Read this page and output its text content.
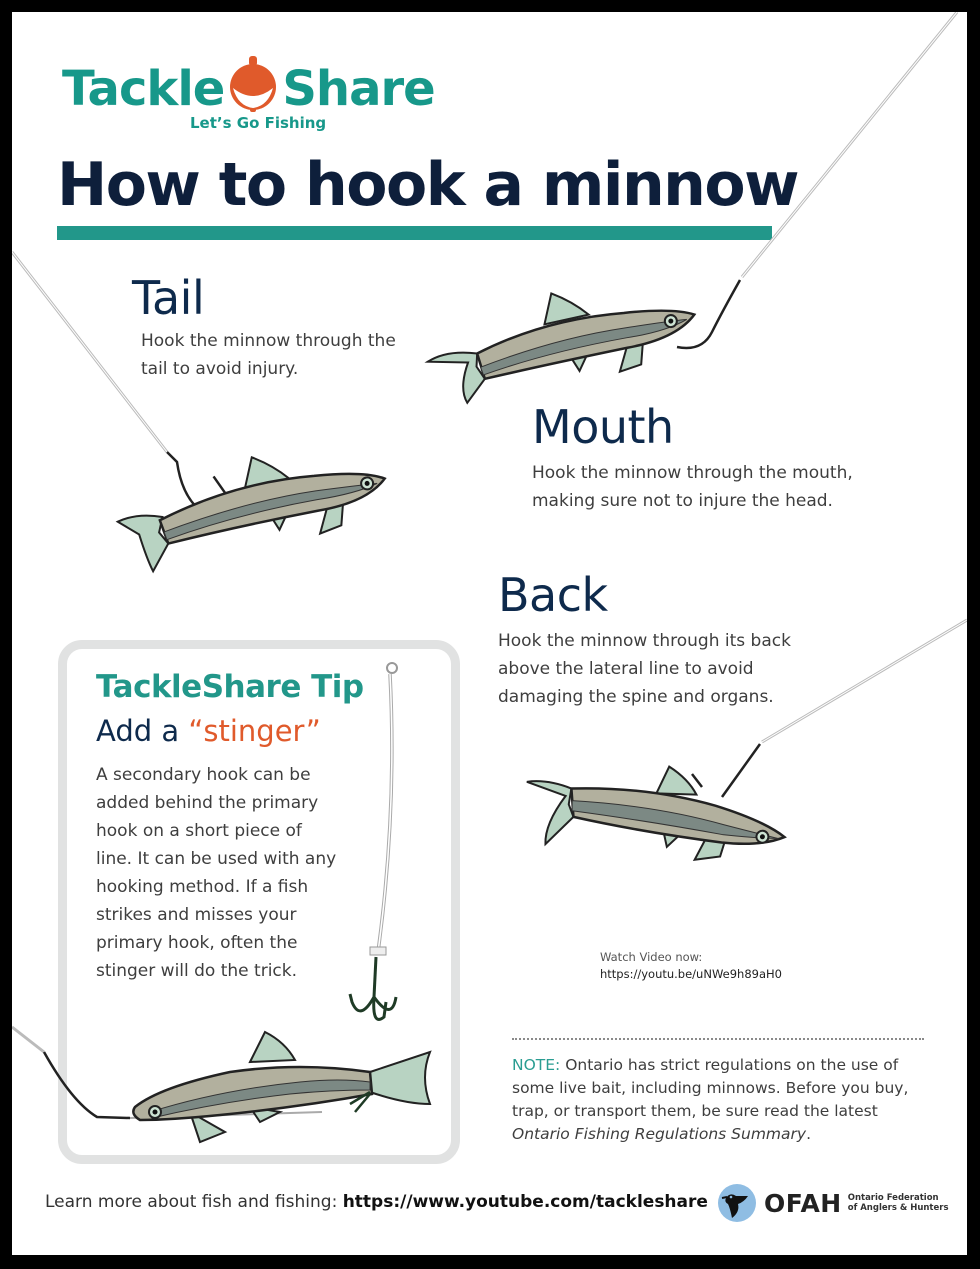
Tackle Share
Let’s Go Fishing
How to hook a minnow
Tail
Hook the minnow through the
tail to avoid injury.
Mouth
Hook the minnow through the mouth,
making sure not to injure the head.
Back
Hook the minnow through its back
above the lateral line to avoid
damaging the spine and organs.
TackleShare Tip
Add a “stinger”
A secondary hook can be
added behind the primary
hook on a short piece of
line. It can be used with any
hooking method. If a fish
strikes and misses your
primary hook, often the
stinger will do the trick.
Watch Video now:
https://youtu.be/uNWe9h89aH0
NOTE: Ontario has strict regulations on the use of some live bait, including minnows. Before you buy, trap, or transport them, be sure read the latest Ontario Fishing Regulations Summary.
Learn more about fish and fishing: https://www.youtube.com/tackleshare OFAH Ontario Federation
of Anglers & Hunters
